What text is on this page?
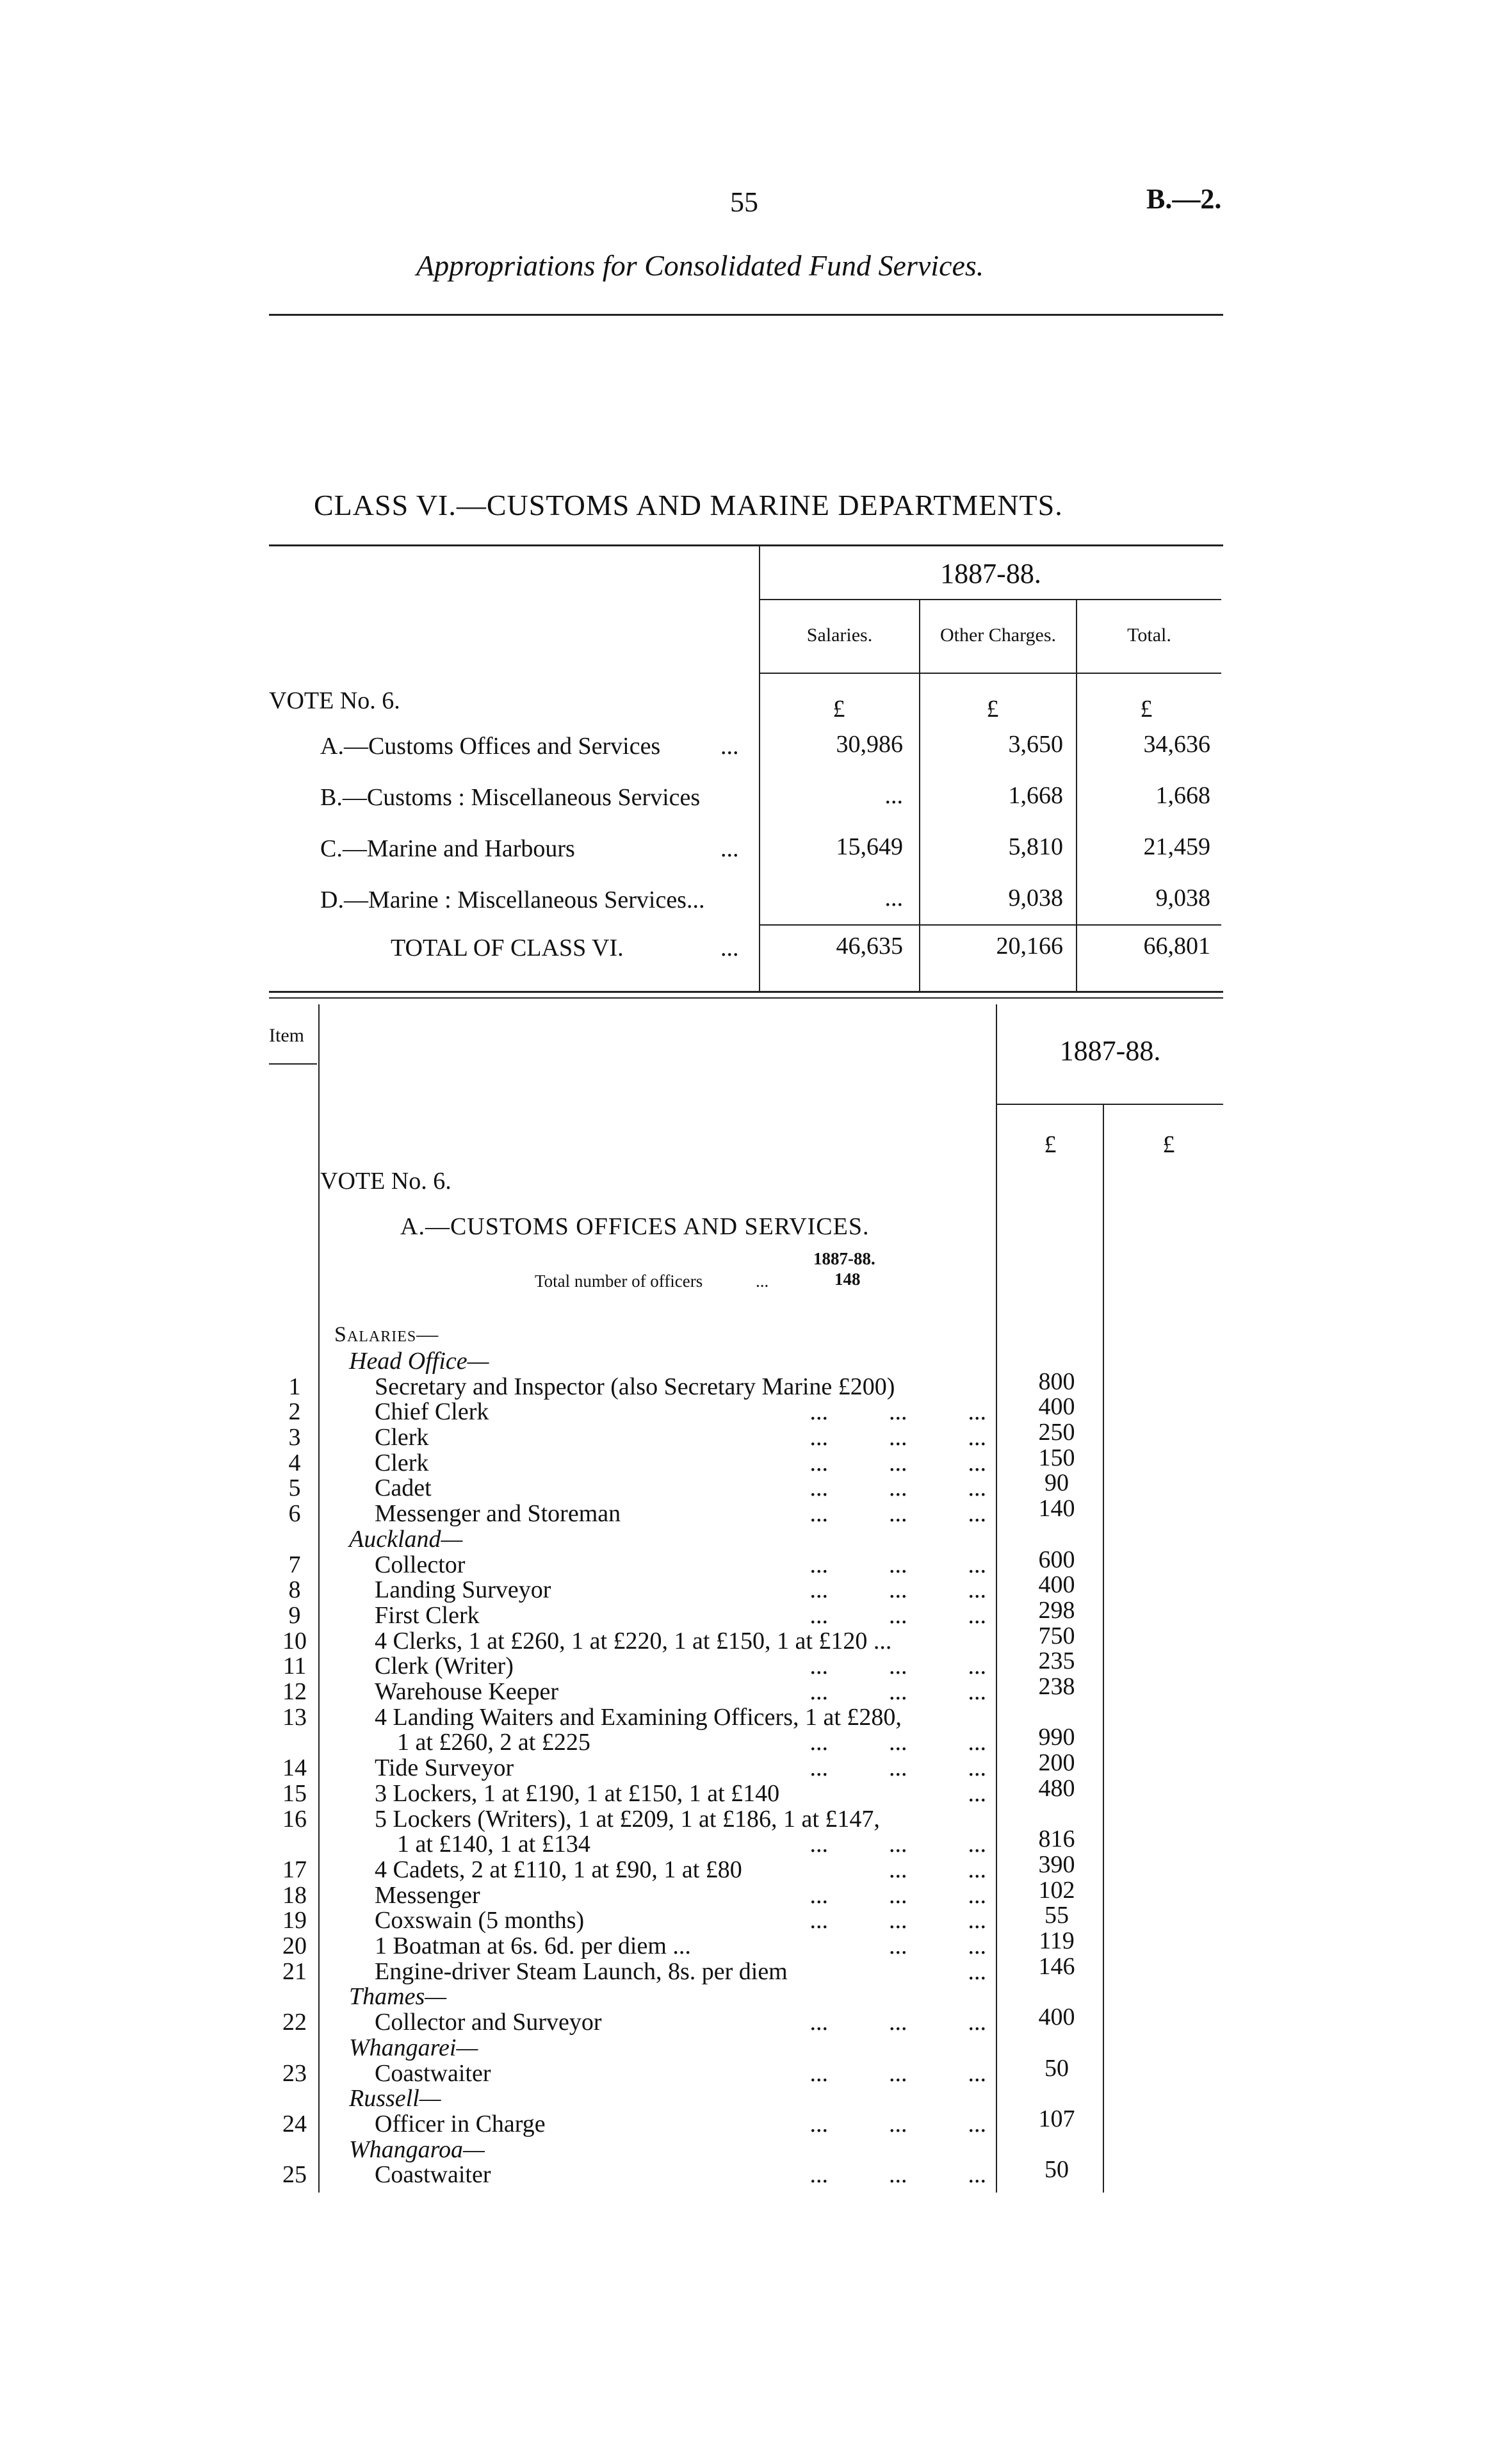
55	B.—2.
Appropriations for Consolidated Fund Services.
CLASS VI.—CUSTOMS AND MARINE DEPARTMENTS.
1887-88.
Salaries.	Other Charges.	Total.
VOTE No. 6.	£	£	£
A.—Customs Offices and Services ...	30,986	3,650	34,636
B.—Customs : Miscellaneous Services	...	1,668	1,668
C.—Marine and Harbours	...	15,649	5,810	21,459
D.—Marine : Miscellaneous Services...	...	9,038	9,038
TOTAL OF CLASS VI.	...	46,635	20,166	66,801
Item	1887-88.
£	£
VOTE No. 6.
A.—CUSTOMS OFFICES AND SERVICES.
1887-88.
Total number of officers	...	148
Salaries—
Head Office—
1	Secretary and Inspector (also Secretary Marine £200)	800
2	Chief Clerk	...          ...          ...	400
3	Clerk	...          ...          ...	250
4	Clerk	...          ...          ...	150
5	Cadet	...          ...          ...	90
6	Messenger and Storeman	...          ...          ...	140
Auckland—
7	Collector	...          ...          ...	600
8	Landing Surveyor	...          ...          ...	400
9	First Clerk	...          ...          ...	298
10	4 Clerks, 1 at £260, 1 at £220, 1 at £150, 1 at £120 ...	750
11	Clerk (Writer)	...          ...          ...	235
12	Warehouse Keeper	...          ...          ...	238
13	4 Landing Waiters and Examining Officers, 1 at £280,
1 at £260, 2 at £225	...          ...          ...	990
14	Tide Surveyor	...          ...          ...	200
15	3 Lockers, 1 at £190, 1 at £150, 1 at £140	...	480
16	5 Lockers (Writers), 1 at £209, 1 at £186, 1 at £147,
1 at £140, 1 at £134	...          ...          ...	816
17	4 Cadets, 2 at £110, 1 at £90, 1 at £80	...          ...	390
18	Messenger	...          ...          ...	102
19	Coxswain (5 months)	...          ...          ...	55
20	1 Boatman at 6s. 6d. per diem ...	...          ...	119
21	Engine-driver Steam Launch, 8s. per diem	...	146
Thames—
22	Collector and Surveyor	...          ...          ...	400
Whangarei—
23	Coastwaiter	...          ...          ...	50
Russell—
24	Officer in Charge	...          ...          ...	107
Whangaroa—
25	Coastwaiter	...          ...          ...	50
